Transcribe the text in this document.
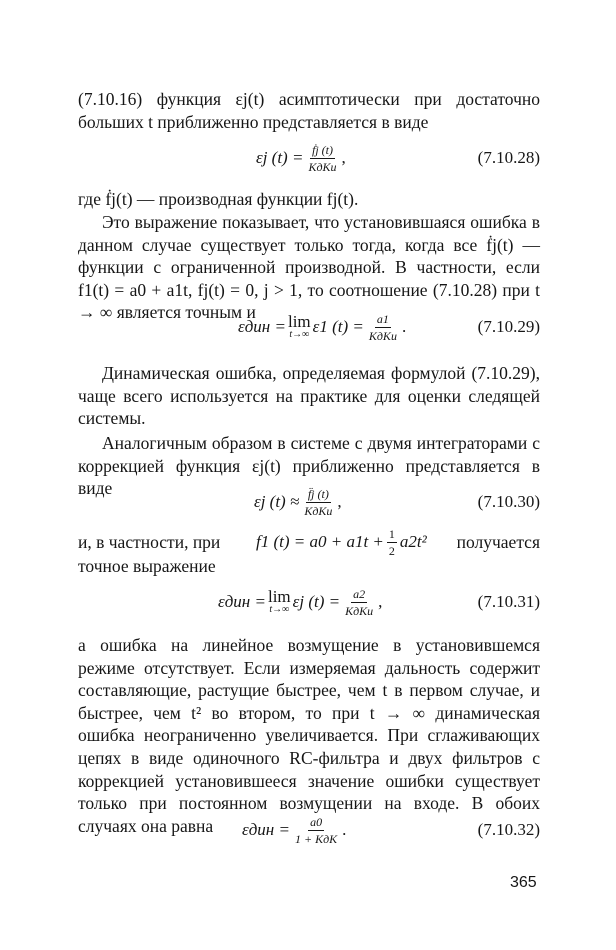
(7.10.16) функция εj(t) асимптотически при достаточно больших t приближенно представляется в виде

εj $(t) = \frac{\text{ḟj (t)}}{\text{KдKи}}$ ,	(7.10.28)

где ḟj(t) — производная функции fj(t).

Это выражение показывает, что установившаяся ошибка в данном случае существует только тогда, когда все ḟj(t) — функции с ограниченной производной. В частности, если f1(t) = a0 + a1t, fj(t) = 0, j > 1, то соотношение (7.10.28) при t → ∞ является точным и

εдин = lim
t→∞ ε1 $(t) = \frac{a1}{\text{KдKи}}$ .	(7.10.29)

Динамическая ошибка, определяемая формулой (7.10.29), чаще всего используется на практике для оценки следящей системы.

Аналогичным образом в системе с двумя интеграторами с коррекцией функция εj(t) приближенно представляется в виде

εj $(t) \approx \frac{f̈j (t)}{\text{KдKи}}$ ,	(7.10.30)
и, в частности, при f1 $(t) = a0 + a1t + \frac{1}{2} a2t^2$ получается

точное выражение

εдин = lim
t→∞ εj $(t) = \frac{a2}{\text{KдKи}}$ ,	(7.10.31)

а ошибка на линейное возмущение в установившемся режиме отсутствует. Если измеряемая дальность содержит составляющие, растущие быстрее, чем t в первом случае, и быстрее, чем t² во втором, то при t → ∞ динамическая ошибка неограниченно увеличивается. При сглаживающих цепях в виде одиночного RC-фильтра и двух фильтров с коррекцией установившееся значение ошибки существует только при постоянном возмущении на входе. В обоих случаях она равна	$\varepsilon дин = \frac{a0}{\text{1 + KдK}}$ .	(7.10.32)
365
